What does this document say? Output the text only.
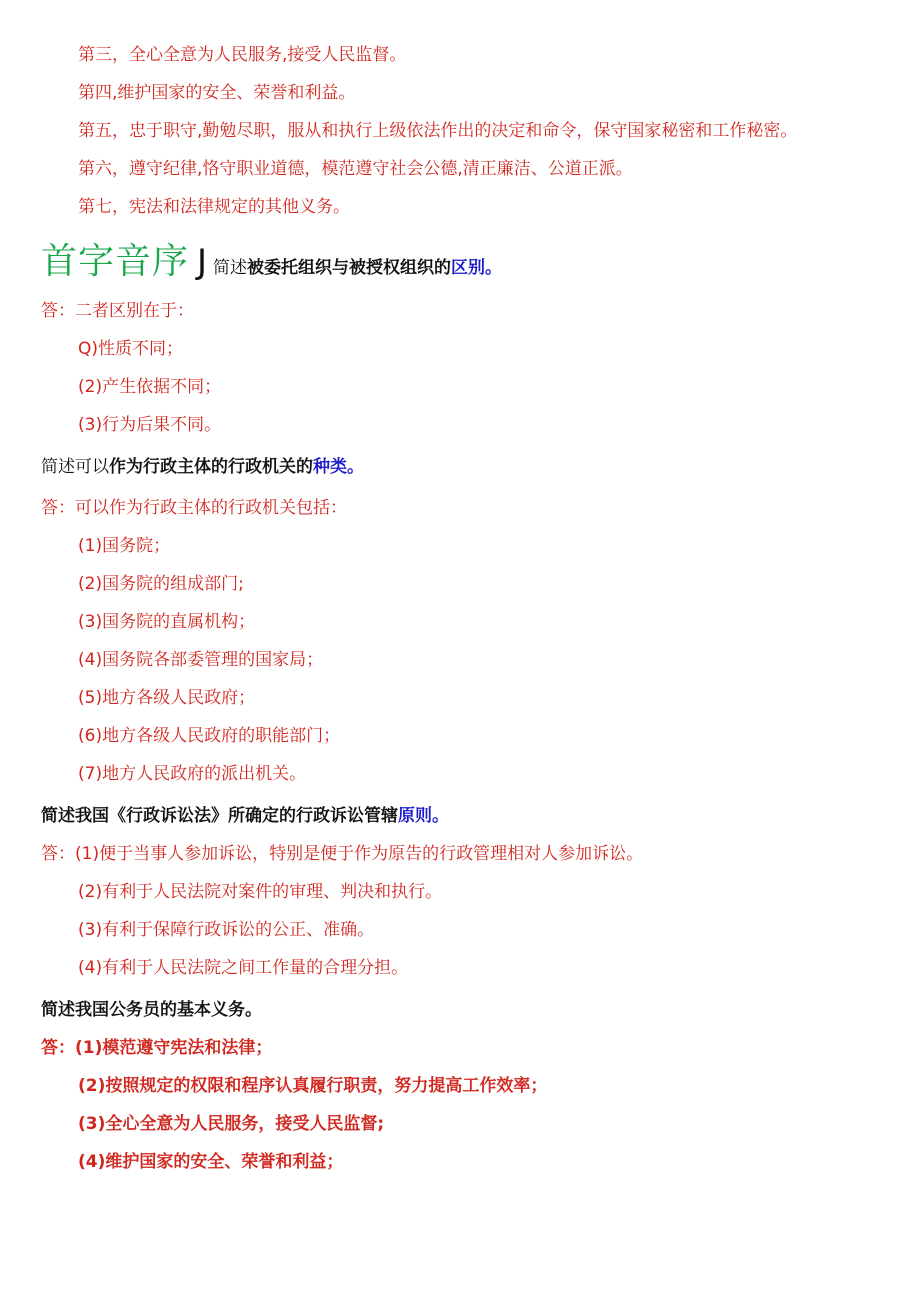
第三，全心全意为人民服务,接受人民监督。
第四,维护国家的安全、荣誉和利益。
第五，忠于职守,勤勉尽职，服从和执行上级依法作出的决定和命令，保守国家秘密和工作秘密。
第六，遵守纪律,恪守职业道德，模范遵守社会公德,清正廉洁、公道正派。
第七，宪法和法律规定的其他义务。
首字音序 J 简述被委托组织与被授权组织的区别。
答：二者区别在于：
Q)性质不同；
(2)产生依据不同；
(3)行为后果不同。
简述可以作为行政主体的行政机关的种类。
答：可以作为行政主体的行政机关包括：
(1)国务院；
(2)国务院的组成部门;
(3)国务院的直属机构；
(4)国务院各部委管理的国家局；
(5)地方各级人民政府；
(6)地方各级人民政府的职能部门；
(7)地方人民政府的派出机关。
简述我国《行政诉讼法》所确定的行政诉讼管辖原则。
答：(1)便于当事人参加诉讼，特别是便于作为原告的行政管理相对人参加诉讼。
(2)有利于人民法院对案件的审理、判决和执行。
(3)有利于保障行政诉讼的公正、准确。
(4)有利于人民法院之间工作量的合理分担。
简述我国公务员的基本义务。
答：(1)模范遵守宪法和法律；
(2)按照规定的权限和程序认真履行职责，努力提高工作效率；
(3)全心全意为人民服务，接受人民监督;
(4)维护国家的安全、荣誉和利益；
